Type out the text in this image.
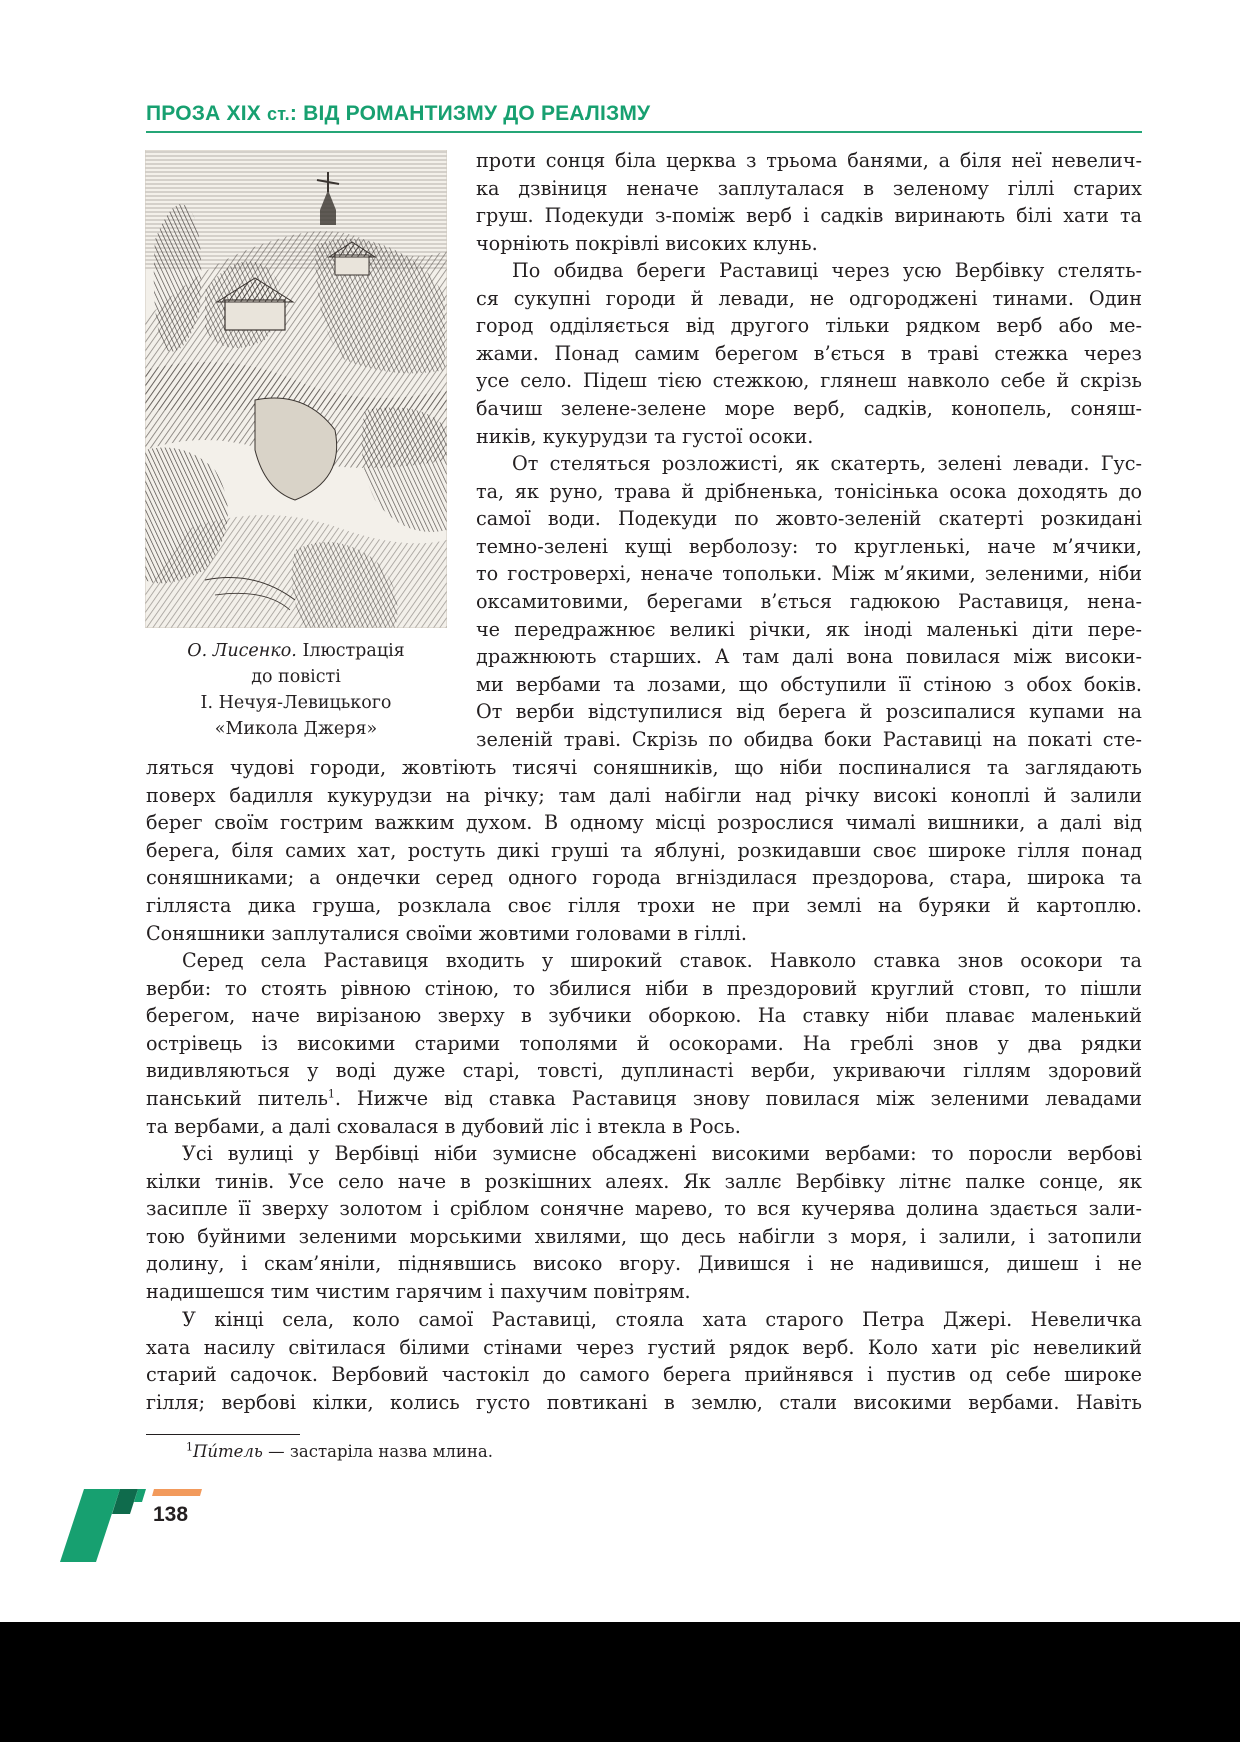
ПРОЗА XIX ст.: ВІД РОМАНТИЗМУ ДО РЕАЛІЗМУ
О. Лисенко. Ілюстрація
до повісті
І. Нечуя-Левицького
«Микола Джеря»
проти сонця біла церква з трьома банями, а біля неї невелич-
ка дзвіниця неначе заплуталася в зеленому гіллі старих
груш. Подекуди з-поміж верб і садків виринають білі хати та
чорніють покрівлі високих клунь.
По обидва береги Раставиці через усю Вербівку стелять-
ся сукупні городи й левади, не одгороджені тинами. Один
город одділяється від другого тільки рядком верб або ме-
жами. Понад самим берегом в’ється в траві стежка через
усе село. Підеш тією стежкою, глянеш навколо себе й скрізь
бачиш зелене-зелене море верб, садків, конопель, соняш-
ників, кукурудзи та густої осоки.
От стеляться розложисті, як скатерть, зелені левади. Гус-
та, як руно, трава й дрібненька, тонісінька осока доходять до
самої води. Подекуди по жовто-зеленій скатерті розкидані
темно-зелені кущі верболозу: то кругленькі, наче м’ячики,
то гостроверхі, неначе топольки. Між м’якими, зеленими, ніби
оксамитовими, берегами в’ється гадюкою Раставиця, нена-
че передражнює великі річки, як іноді маленькі діти пере-
дражнюють старших. А там далі вона повилася між високи-
ми вербами та лозами, що обступили її стіною з обох боків.
От верби відступилися від берега й розсипалися купами на
зеленій траві. Скрізь по обидва боки Раставиці на покаті сте-
ляться чудові городи, жовтіють тисячі соняшників, що ніби поспиналися та заглядають
поверх бадилля кукурудзи на річку; там далі набігли над річку високі коноплі й залили
берег своїм гострим важким духом. В одному місці розрослися чималі вишники, а далі від
берега, біля самих хат, ростуть дикі груші та яблуні, розкидавши своє широке гілля понад
соняшниками; а ондечки серед одного города вгніздилася прездорова, стара, широка та
гілляста дика груша, розклала своє гілля трохи не при землі на буряки й картоплю.
Соняшники заплуталися своїми жовтими головами в гіллі.
Серед села Раставиця входить у широкий ставок. Навколо ставка знов осокори та
верби: то стоять рівною стіною, то збилися ніби в прездоровий круглий стовп, то пішли
берегом, наче вирізаною зверху в зубчики оборкою. На ставку ніби плаває маленький
острівець із високими старими тополями й осокорами. На греблі знов у два рядки
видивляються у воді дуже старі, товсті, дуплинасті верби, укриваючи гіллям здоровий
панський питель$^1$. Нижче від ставка Раставиця знову повилася між зеленими левадами
та вербами, а далі сховалася в дубовий ліс і втекла в Рось.
Усі вулиці у Вербівці ніби зумисне обсаджені високими вербами: то поросли вербові
кілки тинів. Усе село наче в розкішних алеях. Як заллє Вербівку літнє палке сонце, як
засипле її зверху золотом і сріблом сонячне марево, то вся кучерява долина здається зали-
тою буйними зеленими морськими хвилями, що десь набігли з моря, і залили, і затопили
долину, і скам’яніли, піднявшись високо вгору. Дивишся і не надивишся, дишеш і не
надишешся тим чистим гарячим і пахучим повітрям.
У кінці села, коло самої Раставиці, стояла хата старого Петра Джері. Невеличка
хата насилу світилася білими стінами через густий рядок верб. Коло хати ріс невеликий
старий садочок. Вербовий частокіл до самого берега прийнявся і пустив од себе широке
гілля; вербові кілки, колись густо повтикані в землю, стали високими вербами. Навіть
$^1$Пи́тель — застаріла назва млина.
138
